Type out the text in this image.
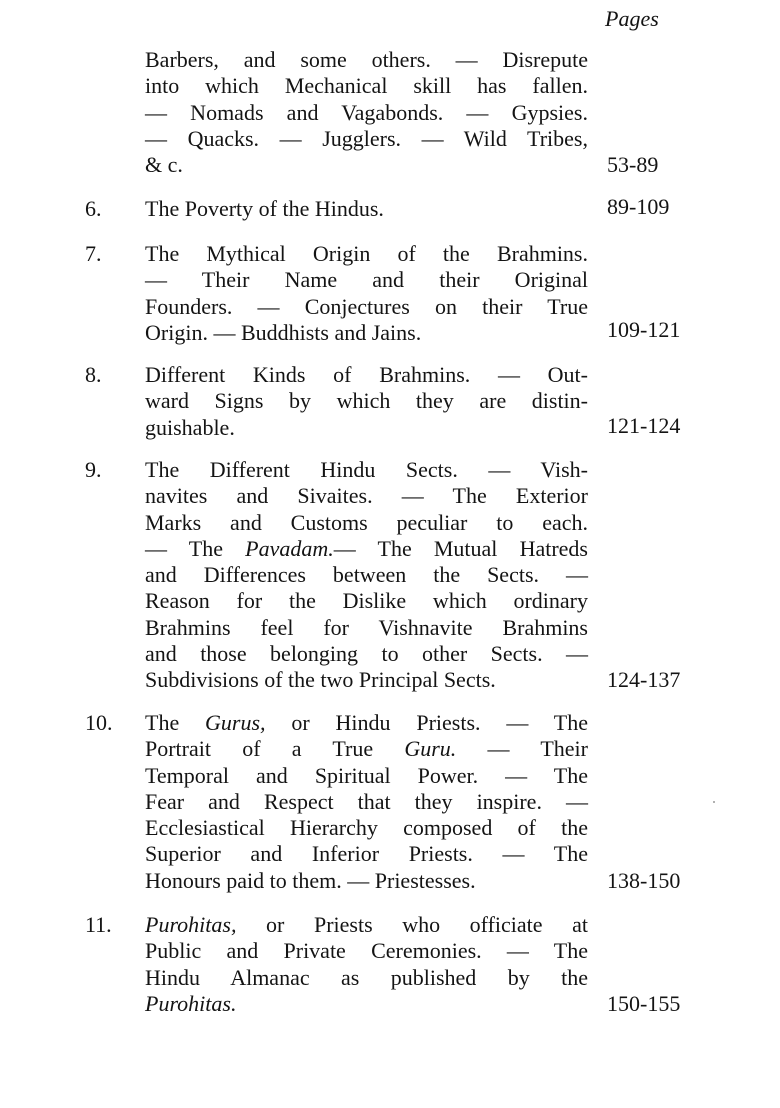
Pages
Barbers, and some others. — Disrepute
into which Mechanical skill has fallen.
— Nomads and Vagabonds. — Gypsies.
— Quacks. — Jugglers. — Wild Tribes,
& c.	53-89
6. The Poverty of the Hindus.	89-109
7. The Mythical Origin of the Brahmins.
— Their Name and their Original
Founders. — Conjectures on their True
Origin. — Buddhists and Jains.	109-121
8. Different Kinds of Brahmins. — Out-
ward Signs by which they are distin-
guishable.	121-124
9. The Different Hindu Sects. — Vish-
navites and Sivaites. — The Exterior
Marks and Customs peculiar to each.
— The Pavadam.— The Mutual Hatreds
and Differences between the Sects. —
Reason for the Dislike which ordinary
Brahmins feel for Vishnavite Brahmins
and those belonging to other Sects. —
Subdivisions of the two Principal Sects.	124-137
10. The Gurus, or Hindu Priests. — The
Portrait of a True Guru. — Their
Temporal and Spiritual Power. — The
Fear and Respect that they inspire. —
Ecclesiastical Hierarchy composed of the
Superior and Inferior Priests. — The
Honours paid to them. — Priestesses.	138-150
11. Purohitas, or Priests who officiate at
Public and Private Ceremonies. — The
Hindu Almanac as published by the
Purohitas.	150-155
